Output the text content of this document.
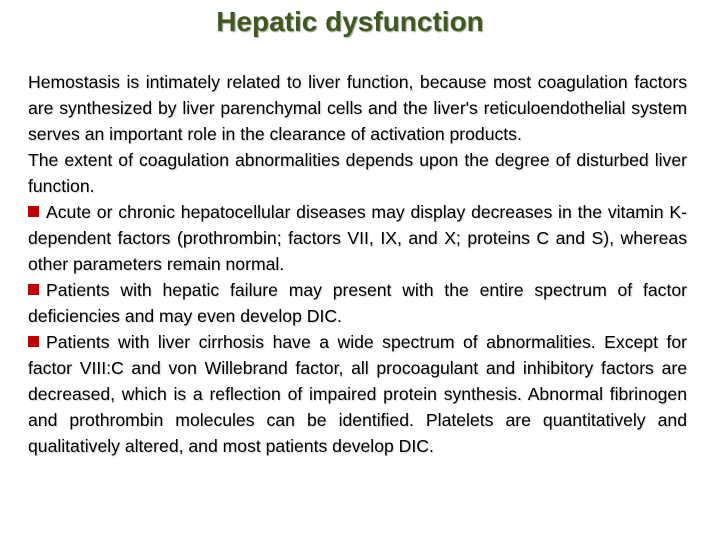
Hepatic dysfunction

Hemostasis is intimately related to liver function, because most coagulation factors are synthesized by liver parenchymal cells and the liver's reticuloendothelial system serves an important role in the clearance of activation products.

The extent of coagulation abnormalities depends upon the degree of disturbed liver function.

Acute or chronic hepatocellular diseases may display decreases in the vitamin K-dependent factors (prothrombin; factors VII, IX, and X; proteins C and S), whereas other parameters remain normal.

Patients with hepatic failure may present with the entire spectrum of factor deficiencies and may even develop DIC.

Patients with liver cirrhosis have a wide spectrum of abnormalities. Except for factor VIII:C and von Willebrand factor, all procoagulant and inhibitory factors are decreased, which is a reflection of impaired protein synthesis. Abnormal fibrinogen and prothrombin molecules can be identified. Platelets are quantitatively and qualitatively altered, and most patients develop DIC.
